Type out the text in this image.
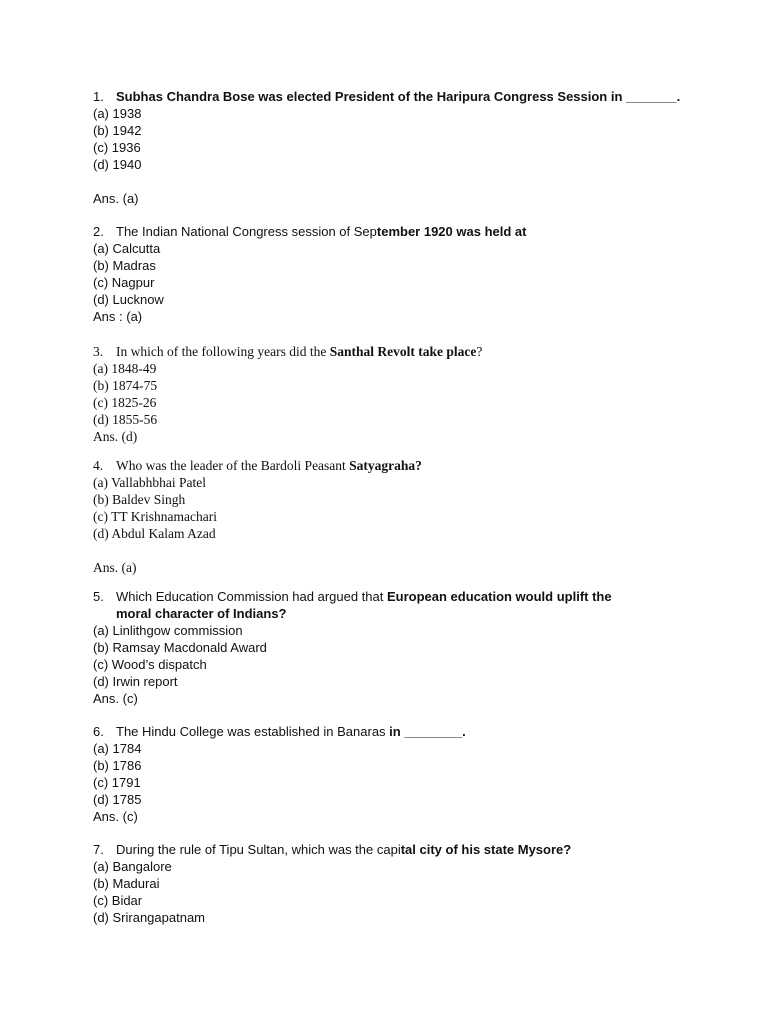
1. Subhas Chandra Bose was elected President of the Haripura Congress Session in _______.
(a) 1938
(b) 1942
(c) 1936
(d) 1940

Ans. (a)

2. The Indian National Congress session of September 1920 was held at
(a) Calcutta
(b) Madras
(c) Nagpur
(d) Lucknow

Ans : (a)

3. In which of the following years did the Santhal Revolt take place?
(a) 1848-49
(b) 1874-75
(c) 1825-26
(d) 1855-56

Ans. (d)

4. Who was the leader of the Bardoli Peasant Satyagraha?
(a) Vallabhbhai Patel
(b) Baldev Singh
(c) TT Krishnamachari
(d) Abdul Kalam Azad

Ans. (a)

5. Which Education Commission had argued that European education would uplift the moral character of Indians?
(a) Linlithgow commission
(b) Ramsay Macdonald Award
(c) Wood’s dispatch
(d) Irwin report

Ans. (c)

6. The Hindu College was established in Banaras in ________.
(a) 1784
(b) 1786
(c) 1791
(d) 1785

Ans. (c)

7. During the rule of Tipu Sultan, which was the capital city of his state Mysore?
(a) Bangalore
(b) Madurai
(c) Bidar
(d) Srirangapatnam
